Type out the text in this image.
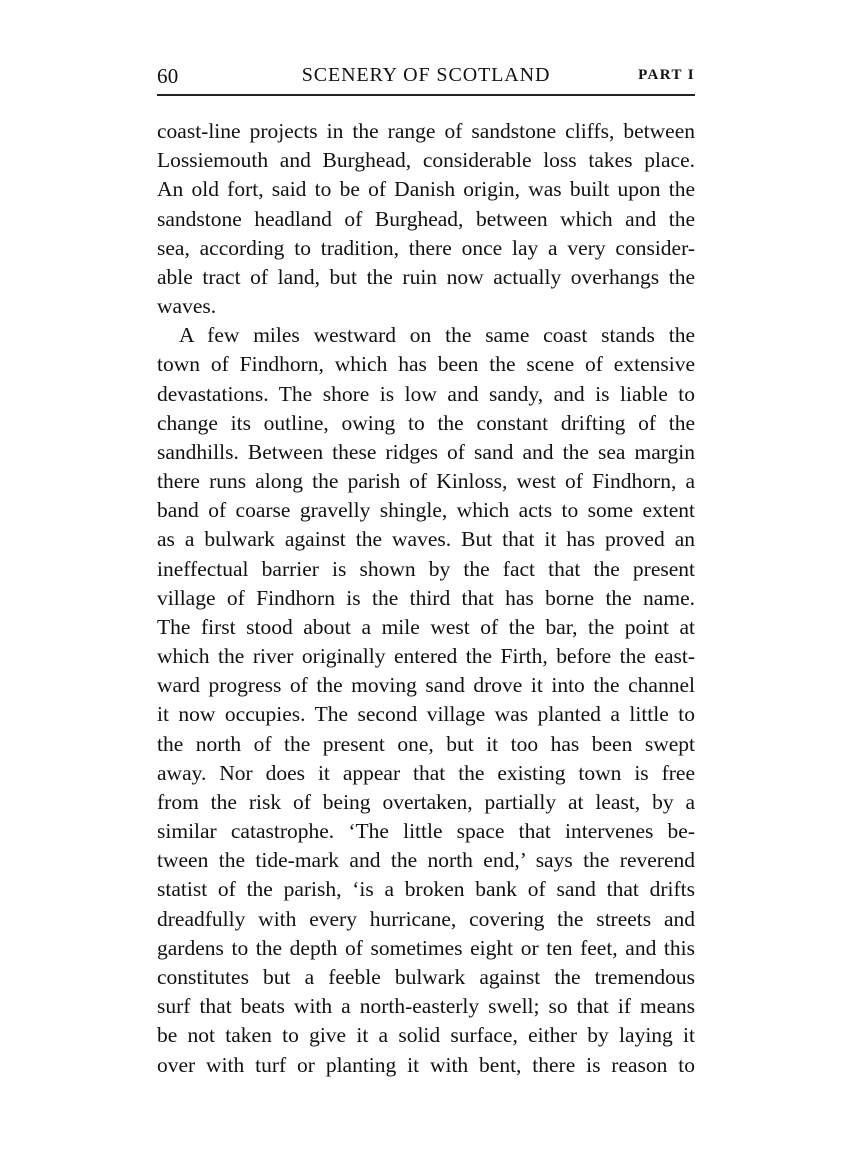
60	SCENERY OF SCOTLAND	PART I
coast-line projects in the range of sandstone cliffs, between
Lossiemouth and Burghead, considerable loss takes place.
An old fort, said to be of Danish origin, was built upon the
sandstone headland of Burghead, between which and the
sea, according to tradition, there once lay a very consider-
able tract of land, but the ruin now actually overhangs the
waves.
A few miles westward on the same coast stands the
town of Findhorn, which has been the scene of extensive
devastations. The shore is low and sandy, and is liable to
change its outline, owing to the constant drifting of the
sandhills. Between these ridges of sand and the sea margin
there runs along the parish of Kinloss, west of Findhorn, a
band of coarse gravelly shingle, which acts to some extent
as a bulwark against the waves. But that it has proved an
ineffectual barrier is shown by the fact that the present
village of Findhorn is the third that has borne the name.
The first stood about a mile west of the bar, the point at
which the river originally entered the Firth, before the east-
ward progress of the moving sand drove it into the channel
it now occupies. The second village was planted a little to
the north of the present one, but it too has been swept
away. Nor does it appear that the existing town is free
from the risk of being overtaken, partially at least, by a
similar catastrophe. ‘The little space that intervenes be-
tween the tide-mark and the north end,’ says the reverend
statist of the parish, ‘is a broken bank of sand that drifts
dreadfully with every hurricane, covering the streets and
gardens to the depth of sometimes eight or ten feet, and this
constitutes but a feeble bulwark against the tremendous
surf that beats with a north-easterly swell; so that if means
be not taken to give it a solid surface, either by laying it
over with turf or planting it with bent, there is reason to
